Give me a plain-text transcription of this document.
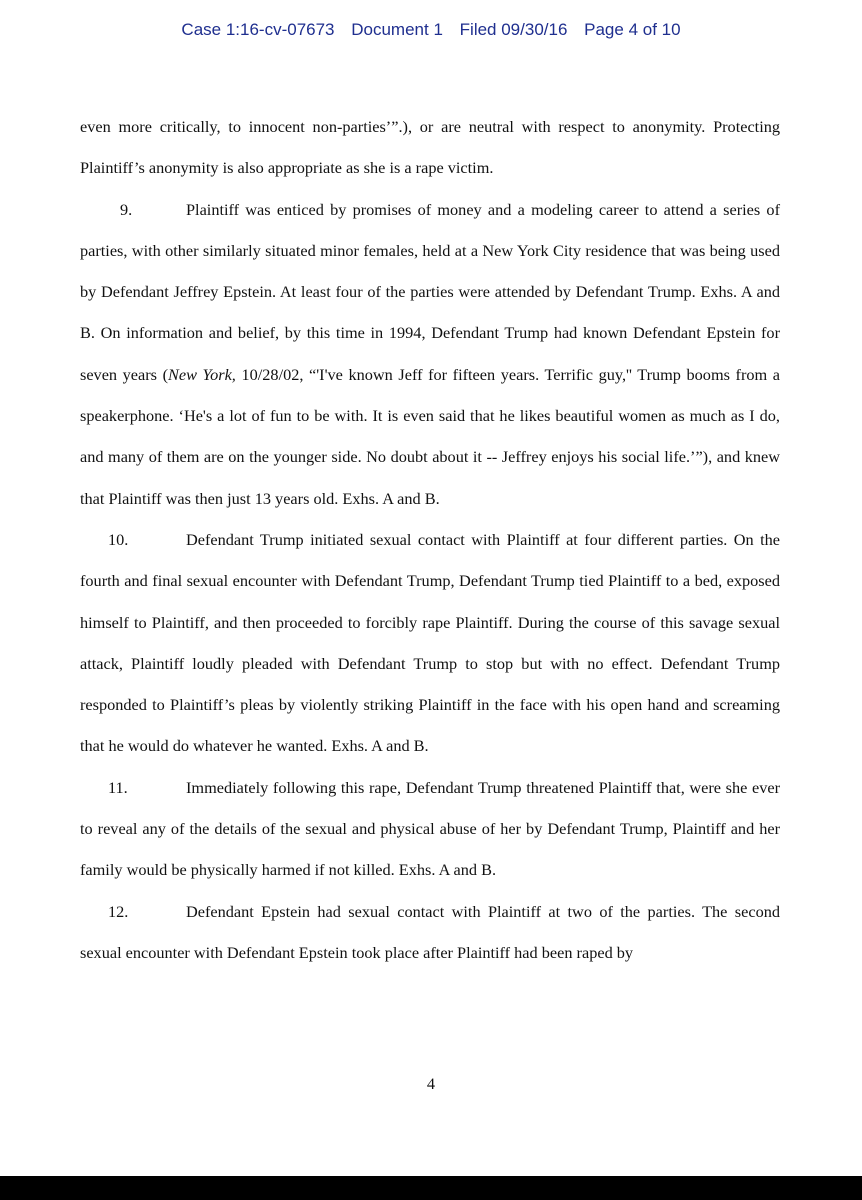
Case 1:16-cv-07673 Document 1 Filed 09/30/16 Page 4 of 10

even more critically, to innocent non-parties’”.), or are neutral with respect to anonymity. Protecting Plaintiff’s anonymity is also appropriate as she is a rape victim.

9.	Plaintiff was enticed by promises of money and a modeling career to attend a series of parties, with other similarly situated minor females, held at a New York City residence that was being used by Defendant Jeffrey Epstein. At least four of the parties were attended by Defendant Trump. Exhs. A and B. On information and belief, by this time in 1994, Defendant Trump had known Defendant Epstein for seven years (New York, 10/28/02, “'I've known Jeff for fifteen years. Terrific guy,'' Trump booms from a speakerphone. ‘He's a lot of fun to be with. It is even said that he likes beautiful women as much as I do, and many of them are on the younger side. No doubt about it -- Jeffrey enjoys his social life.’”), and knew that Plaintiff was then just 13 years old. Exhs. A and B.

10.	Defendant Trump initiated sexual contact with Plaintiff at four different parties. On the fourth and final sexual encounter with Defendant Trump, Defendant Trump tied Plaintiff to a bed, exposed himself to Plaintiff, and then proceeded to forcibly rape Plaintiff. During the course of this savage sexual attack, Plaintiff loudly pleaded with Defendant Trump to stop but with no effect. Defendant Trump responded to Plaintiff’s pleas by violently striking Plaintiff in the face with his open hand and screaming that he would do whatever he wanted. Exhs. A and B.

11.	Immediately following this rape, Defendant Trump threatened Plaintiff that, were she ever to reveal any of the details of the sexual and physical abuse of her by Defendant Trump, Plaintiff and her family would be physically harmed if not killed. Exhs. A and B.

12.	Defendant Epstein had sexual contact with Plaintiff at two of the parties. The second sexual encounter with Defendant Epstein took place after Plaintiff had been raped by

4
